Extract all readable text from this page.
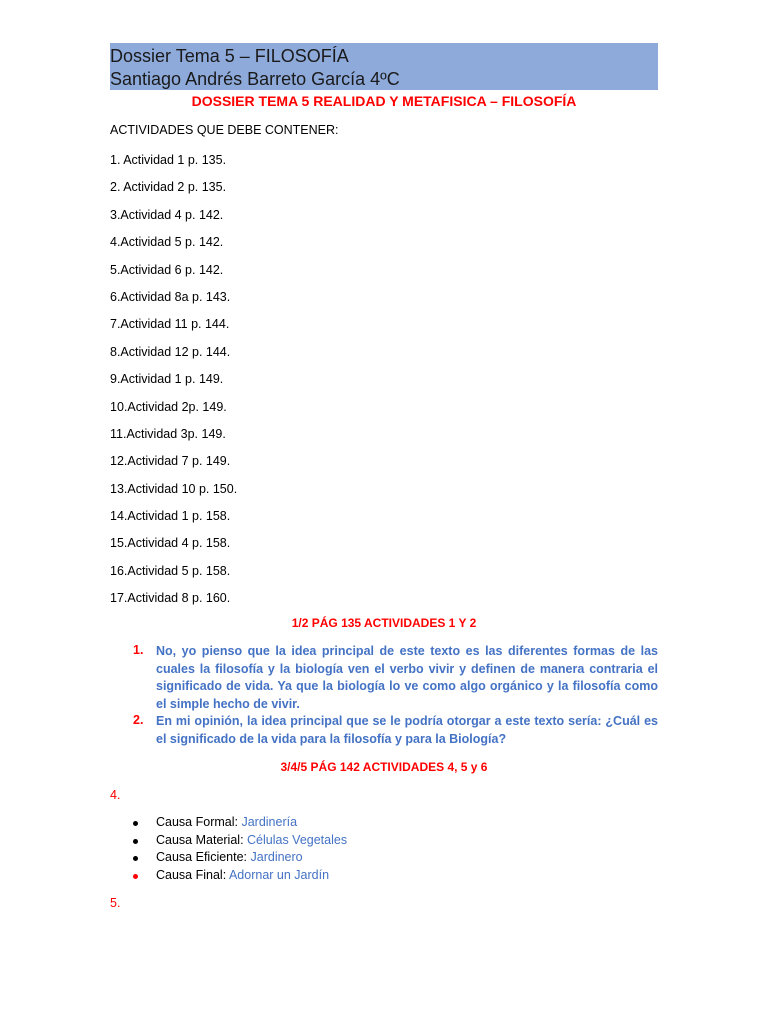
Dossier Tema 5 – FILOSOFÍA
Santiago Andrés Barreto García 4ºC
DOSSIER TEMA 5 REALIDAD Y METAFISICA – FILOSOFÍA
ACTIVIDADES QUE DEBE CONTENER:
1. Actividad 1 p. 135.
2. Actividad 2 p. 135.
3.Actividad 4 p. 142.
4.Actividad 5 p. 142.
5.Actividad 6 p. 142.
6.Actividad 8a p. 143.
7.Actividad 11 p. 144.
8.Actividad 12 p. 144.
9.Actividad 1 p. 149.
10.Actividad 2p. 149.
11.Actividad 3p. 149.
12.Actividad 7 p. 149.
13.Actividad 10 p. 150.
14.Actividad 1 p. 158.
15.Actividad 4 p. 158.
16.Actividad 5 p. 158.
17.Actividad 8 p. 160.
1/2 PÁG 135 ACTIVIDADES 1 Y 2
1. No, yo pienso que la idea principal de este texto es las diferentes formas de las cuales la filosofía y la biología ven el verbo vivir y definen de manera contraria el significado de vida. Ya que la biología lo ve como algo orgánico y la filosofía como el simple hecho de vivir.
2. En mi opinión, la idea principal que se le podría otorgar a este texto sería: ¿Cuál es el significado de la vida para la filosofía y para la Biología?
3/4/5 PÁG 142 ACTIVIDADES 4, 5 y 6
4.
Causa Formal: Jardinería
Causa Material: Células Vegetales
Causa Eficiente: Jardinero
Causa Final: Adornar un Jardín
5.
